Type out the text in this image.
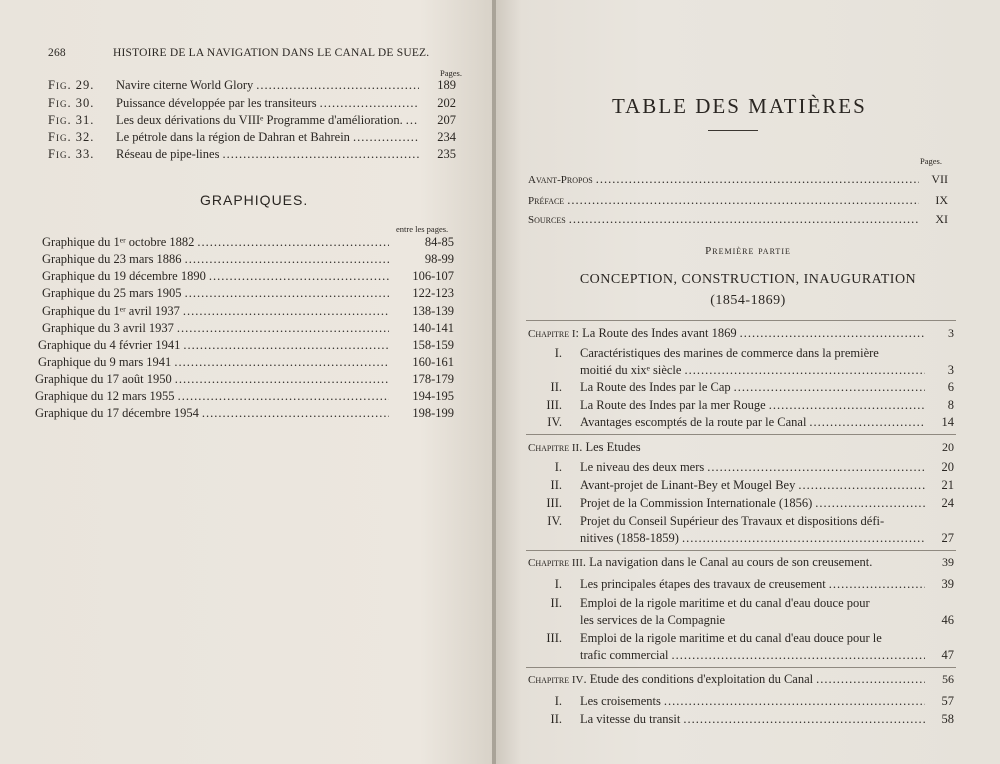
268	HISTOIRE DE LA NAVIGATION DANS LE CANAL DE SUEZ.
Pages.
Fig. 29.	Navire citerne World Glory .....	189
Fig. 30.	Puissance développée par les transiteurs .....	202
Fig. 31.	Les deux dérivations du VIIIᵉ Programme d'amélioration. .....	207
Fig. 32.	Le pétrole dans la région de Dahran et Bahrein .....	234
Fig. 33.	Réseau de pipe-lines .....	235
GRAPHIQUES.
entre les pages.
Graphique du 1ᵉʳ octobre 1882 .....	84-85
Graphique du 23 mars 1886 .....	98-99
Graphique du 19 décembre 1890 .....	106-107
Graphique du 25 mars 1905 .....	122-123
Graphique du 1ᵉʳ avril 1937 .....	138-139
Graphique du 3 avril 1937 .....	140-141
Graphique du 4 février 1941 .....	158-159
Graphique du 9 mars 1941 .....	160-161
Graphique du 17 août 1950 .....	178-179
Graphique du 12 mars 1955 .....	194-195
Graphique du 17 décembre 1954 .....	198-199
TABLE DES MATIÈRES
Pages.
Avant-Propos .....	VII
Préface .....	IX
Sources .....	XI
Première partie
CONCEPTION, CONSTRUCTION, INAUGURATION
(1854-1869)
Chapitre I : La Route des Indes avant 1869 .....	3
I. Caractéristiques des marines de commerce dans la première
moitié du xixᵉ siècle .....	3
II. La Route des Indes par le Cap .....	6
III. La Route des Indes par la mer Rouge .....	8
IV. Avantages escomptés de la route par le Canal .....	14
Chapitre II . Les Etudes	20
I. Le niveau des deux mers .....	20
II. Avant-projet de Linant-Bey et Mougel Bey .....	21
III. Projet de la Commission Internationale (1856) .....	24
IV. Projet du Conseil Supérieur des Travaux et dispositions défi-
nitives (1858-1859) .....	27
Chapitre III . La navigation dans le Canal au cours de son creusement.	39
I. Les principales étapes des travaux de creusement .....	39
II. Emploi de la rigole maritime et du canal d'eau douce pour
les services de la Compagnie	46
III. Emploi de la rigole maritime et du canal d'eau douce pour le
trafic commercial .....	47
Chapitre IV . Etude des conditions d'exploitation du Canal .....	56
I. Les croisements .....	57
II. La vitesse du transit .....	58
